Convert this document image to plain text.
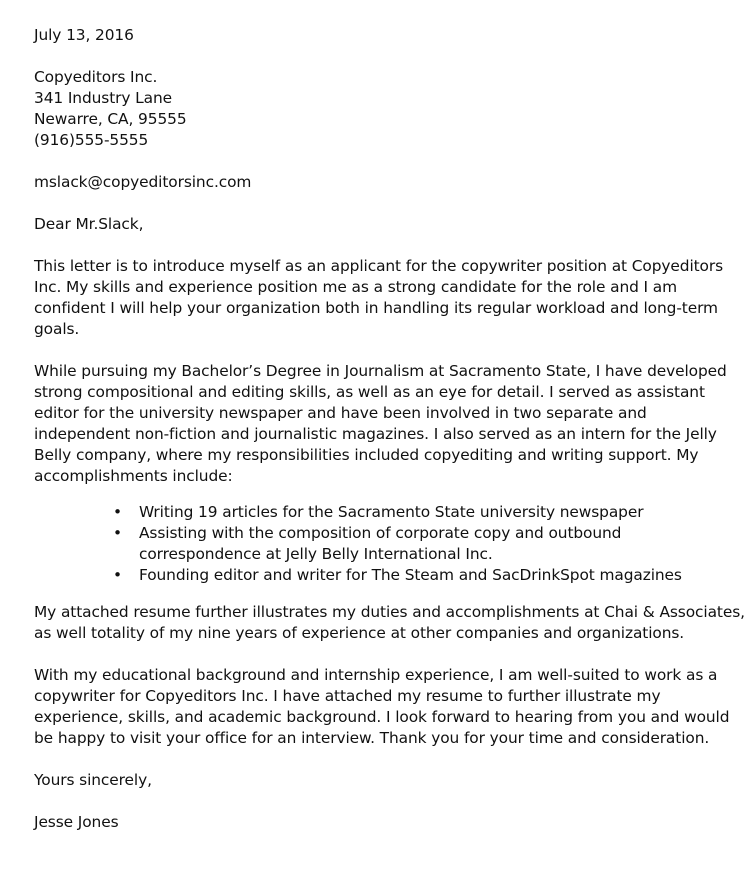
July 13, 2016
Copyeditors Inc.
341 Industry Lane
Newarre, CA, 95555
(916)555-5555
mslack@copyeditorsinc.com
Dear Mr.Slack,
This letter is to introduce myself as an applicant for the copywriter position at Copyeditors
Inc. My skills and experience position me as a strong candidate for the role and I am
confident I will help your organization both in handling its regular workload and long-term
goals.
While pursuing my Bachelor’s Degree in Journalism at Sacramento State, I have developed
strong compositional and editing skills, as well as an eye for detail. I served as assistant
editor for the university newspaper and have been involved in two separate and
independent non-fiction and journalistic magazines. I also served as an intern for the Jelly
Belly company, where my responsibilities included copyediting and writing support. My
accomplishments include:
• Writing 19 articles for the Sacramento State university newspaper
• Assisting with the composition of corporate copy and outbound
correspondence at Jelly Belly International Inc.
• Founding editor and writer for The Steam and SacDrinkSpot magazines
My attached resume further illustrates my duties and accomplishments at Chai & Associates,
as well totality of my nine years of experience at other companies and organizations.
With my educational background and internship experience, I am well-suited to work as a
copywriter for Copyeditors Inc. I have attached my resume to further illustrate my
experience, skills, and academic background. I look forward to hearing from you and would
be happy to visit your office for an interview. Thank you for your time and consideration.
Yours sincerely,
Jesse Jones
